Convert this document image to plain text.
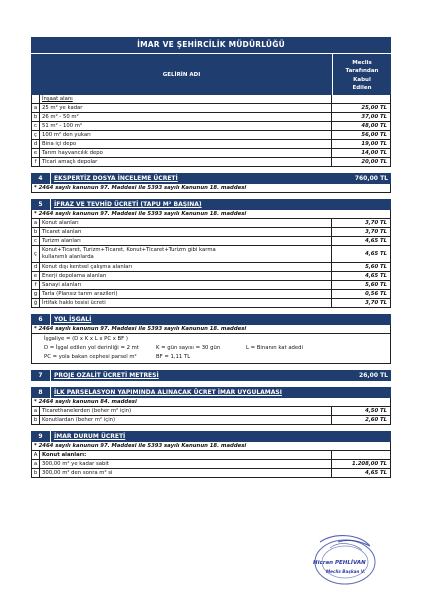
İMAR VE ŞEHİRCİLİK MÜDÜRLÜĞÜ
GELİRİN ADI
Meclis
Tarafından
Kabul
Edilen
İnşaat alanı
a 25 m² ye kadar	25,00 TL
b 26 m² - 50 m²	37,00 TL
c 51 m² - 100 m²	48,00 TL
ç 100 m² den yukarı	56,00 TL
d Bina içi depo	19,00 TL
e Tarım hayvancılık depo	14,00 TL
f	Ticari amaçlı depolar	20,00 TL
4	EKSPERTİZ DOSYA İNCELEME ÜCRETİ	760,00 TL
* 2464 sayılı kanunun 97. Maddesi ile 5393 sayılı Kanunun 18. maddesi
5	İFRAZ VE TEVHİD ÜCRETİ (TAPU M² BAŞINA)
* 2464 sayılı kanunun 97. Maddesi ile 5393 sayılı Kanunun 18. maddesi
a Konut alanları	3,70 TL
b Ticaret alanları	3,70 TL
c Turizm alanları	4,65 TL
ç
Konut+Ticaret, Turizm+Ticaret, Konut+Ticaret+Turizm gibi karma
kullanımlı alanlarda	4,65 TL
d Konut dışı kentsel çalışma alanları	5,60 TL
e Enerji depolama alanları	4,65 TL
f	Sanayi alanları	5,60 TL
g Tarla (Plansız tarım arazileri)	0,56 TL
ğ İrtifak hakkı tesisi ücreti	3,70 TL
6	YOL İŞGALİ
* 2464 sayılı kanunun 97. Maddesi ile 5393 sayılı Kanunun 18. maddesi
İşgaliye = (D x K x L x PC x BF )
D = İşgal edilen yol derinliği = 2 mt	K = gün sayısı = 30 gün	L = Binanın kat adedi
PC = yola bakan cephesi parsel m²	BF = 1,11 TL
7	PROJE OZALİT ÜCRETİ METRESİ	26,00 TL
8	İLK PARSELASYON YAPIMINDA ALINACAK ÜCRET İMAR UYGULAMASI
* 2464 sayılı kanunun 84. maddesi
a Ticarethanelerden (beher m² için)	4,50 TL
b Konutlardan (beher m² için)	2,60 TL
9	İMAR DURUM ÜCRETİ
* 2464 sayılı kanunun 97. Maddesi ile 5393 sayılı Kanunun 18. maddesi
A Konut alanları:
a 300,00 m² ye kadar sabit	1.208,00 TL
b 300,00 m² den sonra m² si	4,65 TL
Hicran PEHLİVAN
Meclis Başkan V.
